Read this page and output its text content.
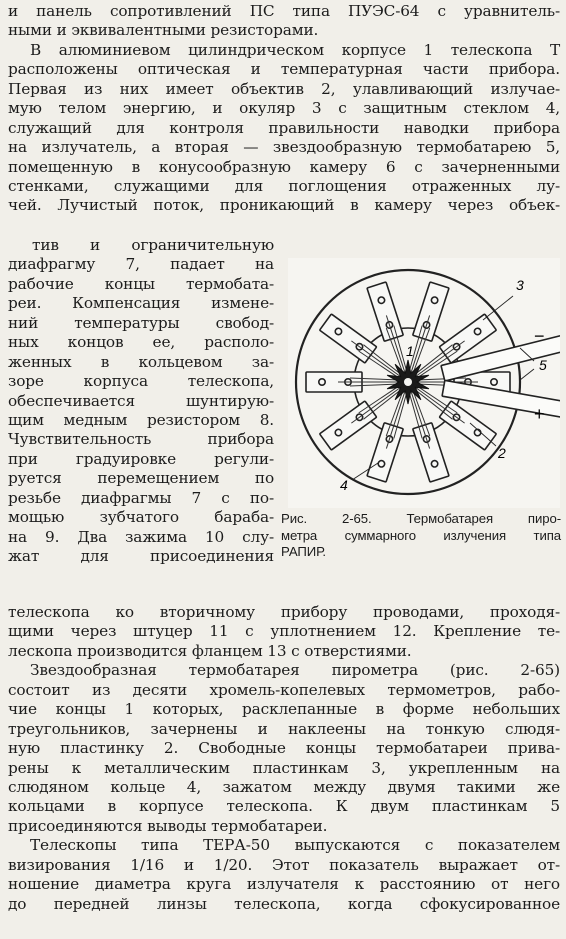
и панель сопротивлений ПС типа ПУЭС-64 с уравнитель-
ными и эквивалентными резисторами.
В алюминиевом цилиндрическом корпусе 1 телескопа Т
расположены оптическая и температурная части прибора.
Первая из них имеет объектив 2, улавливающий излучае-
мую телом энергию, и окуляр 3 с защитным стеклом 4,
служащий для контроля правильности наводки прибора
на излучатель, а вторая — звездообразную термобатарею 5,
помещенную в конусообразную камеру 6 с зачерненными
стенками, служащими для поглощения отраженных лу-
чей. Лучистый поток, проникающий в камеру через объек-
тив и ограничительную
диафрагму 7, падает на
рабочие концы термобата-
реи. Компенсация измене-
ний температуры свобод-
ных концов ее, располо-
женных в кольцевом за-
зоре корпуса телескопа,
обеспечивается шунтирую-
щим медным резистором 8.
Чувствительность прибора
при градуировке регули-
руется перемещением по
резьбе диафрагмы 7 с по-
мощью зубчатого бараба-
на 9. Два зажима 10 слу-
жат для присоединения
1
3
2
4
5
−
+
Рис. 2-65. Термобатарея пиро-
метра суммарного излучения типа
РАПИР.
телескопа ко вторичному прибору проводами, проходя-
щими через штуцер 11 с уплотнением 12. Крепление те-
лескопа производится фланцем 13 с отверстиями.
Звездообразная термобатарея пирометра (рис. 2-65)
состоит из десяти хромель-копелевых термометров, рабо-
чие концы 1 которых, расклепанные в форме небольших
треугольников, зачернены и наклеены на тонкую слюдя-
ную пластинку 2. Свободные концы термобатареи прива-
рены к металлическим пластинкам 3, укрепленным на
слюдяном кольце 4, зажатом между двумя такими же
кольцами в корпусе телескопа. К двум пластинкам 5
присоединяются выводы термобатареи.
Телескопы типа ТЕРА-50 выпускаются с показателем
визирования 1/16 и 1/20. Этот показатель выражает от-
ношение диаметра круга излучателя к расстоянию от него
до передней линзы телескопа, когда сфокусированное
